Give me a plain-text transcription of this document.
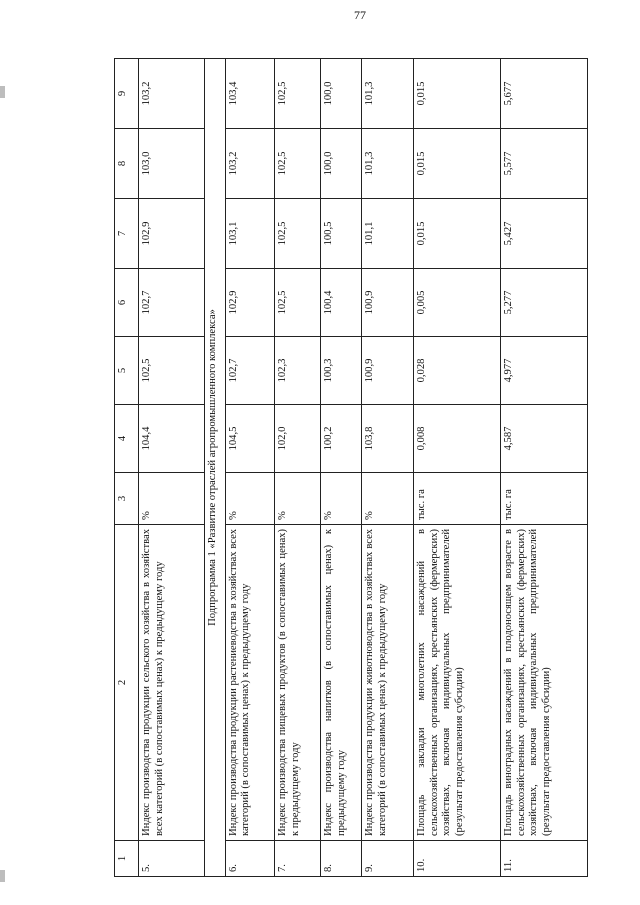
77
1	2	3	4	5	6	7	8	9
5.	Индекс производства продукции сельского хозяйства в хозяйствах всех категорий (в сопоставимых ценах) к предыдущему году	%	104,4	102,5	102,7	102,9	103,0	103,2
Подпрограмма 1 «Развитие отраслей агропромышленного комплекса»								
6.	Индекс производства продукции растениеводства в хозяйствах всех категорий (в сопоставимых ценах) к предыдущему году	%	104,5	102,7	102,9	103,1	103,2	103,4
7.	Индекс производства пищевых продуктов (в сопоставимых ценах) к предыдущему году	%	102,0	102,3	102,5	102,5	102,5	102,5
8.	Индекс производства напитков (в сопоставимых ценах) к предыдущему году	%	100,2	100,3	100,4	100,5	100,0	100,0
9.	Индекс производства продукции животноводства в хозяйствах всех категорий (в сопоставимых ценах) к предыдущему году	%	103,8	100,9	100,9	101,1	101,3	101,3
10.	Площадь закладки многолетних насаждений в сельскохозяйственных организациях, крестьянских (фермерских) хозяйствах, включая индивидуальных предпринимателей (результат предоставления субсидии)	тыс. га	0,008	0,028	0,005	0,015	0,015	0,015
11.	Площадь виноградных насаждений в плодоносящем возрасте в сельскохозяйственных организациях, крестьянских (фермерских) хозяйствах, включая индивидуальных предпринимателей (результат предоставления субсидии)	тыс. га	4,587	4,977	5,277	5,427	5,577	5,677
